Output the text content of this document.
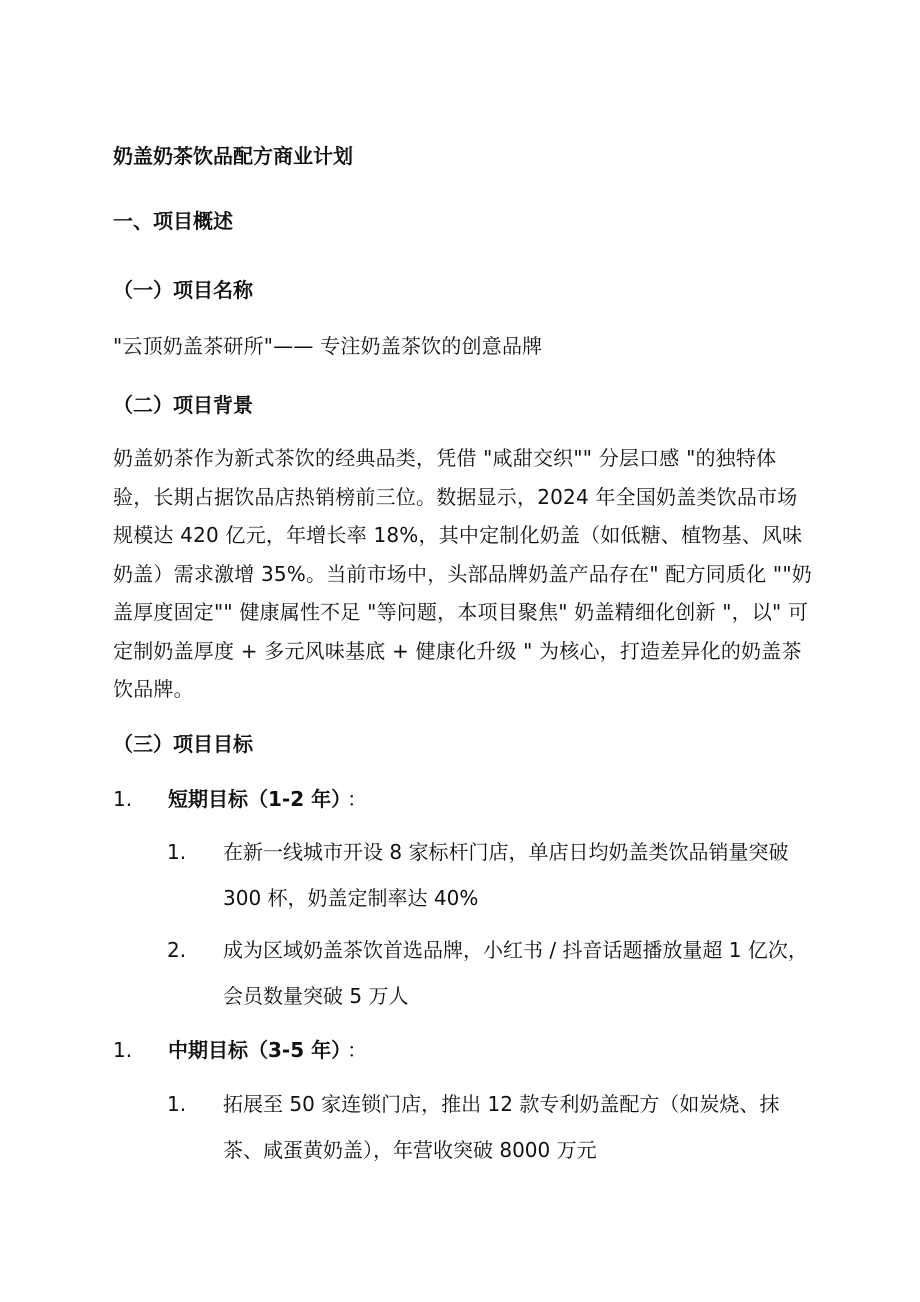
奶盖奶茶饮品配方商业计划
一、项目概述
（一）项目名称

"云顶奶盖茶研所"—— 专注奶盖茶饮的创意品牌

（二）项目背景

奶盖奶茶作为新式茶饮的经典品类，凭借 "咸甜交织"" 分层口感 "的独特体验，长期占据饮品店热销榜前三位。数据显示，2024 年全国奶盖类饮品市场规模达 420 亿元，年增长率 18%，其中定制化奶盖（如低糖、植物基、风味奶盖）需求激增 35%。当前市场中，头部品牌奶盖产品存在" 配方同质化 ""奶盖厚度固定"" 健康属性不足 "等问题，本项目聚焦" 奶盖精细化创新 "，以" 可定制奶盖厚度 + 多元风味基底 + 健康化升级 " 为核心，打造差异化的奶盖茶饮品牌。

（三）项目目标
1. 短期目标（1-2 年） ：
1. 在新一线城市开设 8 家标杆门店，单店日均奶盖类饮品销量突破 300 杯，奶盖定制率达 40%
2. 成为区域奶盖茶饮首选品牌，小红书 / 抖音话题播放量超 1 亿次，会员数量突破 5 万人
1. 中期目标（3-5 年） ：
1. 拓展至 50 家连锁门店，推出 12 款专利奶盖配方（如炭烧、抹茶、咸蛋黄奶盖），年营收突破 8000 万元
